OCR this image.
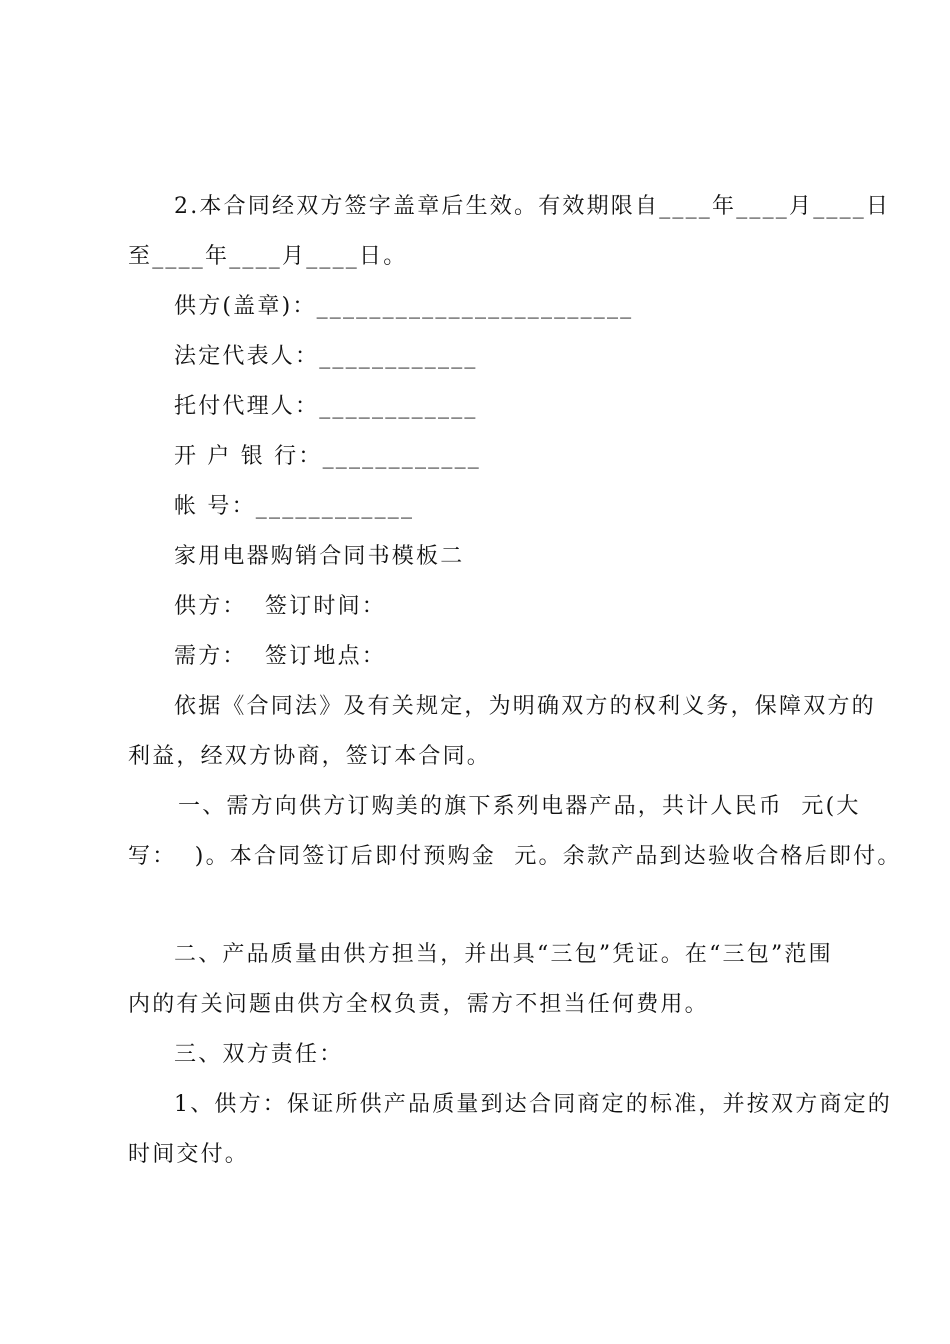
2.本合同经双方签字盖章后生效。有效期限自____年____月____日
至____年____月____日。
供方(盖章)：________________________
法定代表人：____________
托付代理人：____________
开 户 银 行：____________
帐 号：____________
家用电器购销合同书模板二
供方：  签订时间：
需方：  签订地点：
依据《合同法》及有关规定，为明确双方的权利义务，保障双方的
利益，经双方协商，签订本合同。
一、需方向供方订购美的旗下系列电器产品，共计人民币  元(大
写：  )。本合同签订后即付预购金  元。余款产品到达验收合格后即付。
二、产品质量由供方担当，并出具“三包”凭证。在“三包”范围
内的有关问题由供方全权负责，需方不担当任何费用。
三、双方责任：
1、供方：保证所供产品质量到达合同商定的标准，并按双方商定的
时间交付。
